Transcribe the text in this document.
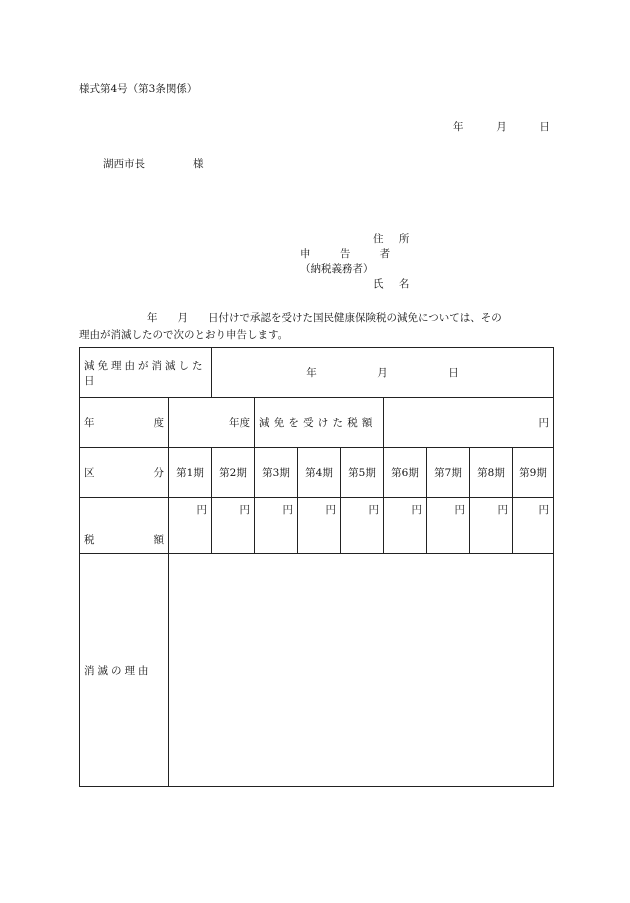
様式第4号（第3条関係）
年	月	日
湖西市長	様
住 所
申 告 者
（納税義務者）
氏 名
年 月 日付けで承認を受けた国民健康保険税の減免については、その
理由が消滅したので次のとおり申告します。
減免理由が消滅した日		年 月 日							

年 度	年度		減免を受けた税額			円			

区 分	第1期	第2期	第3期	第4期	第5期	第6期	第7期	第8期	第9期

税 額	円	円	円	円	円	円	円	円	円
消滅の理由									
